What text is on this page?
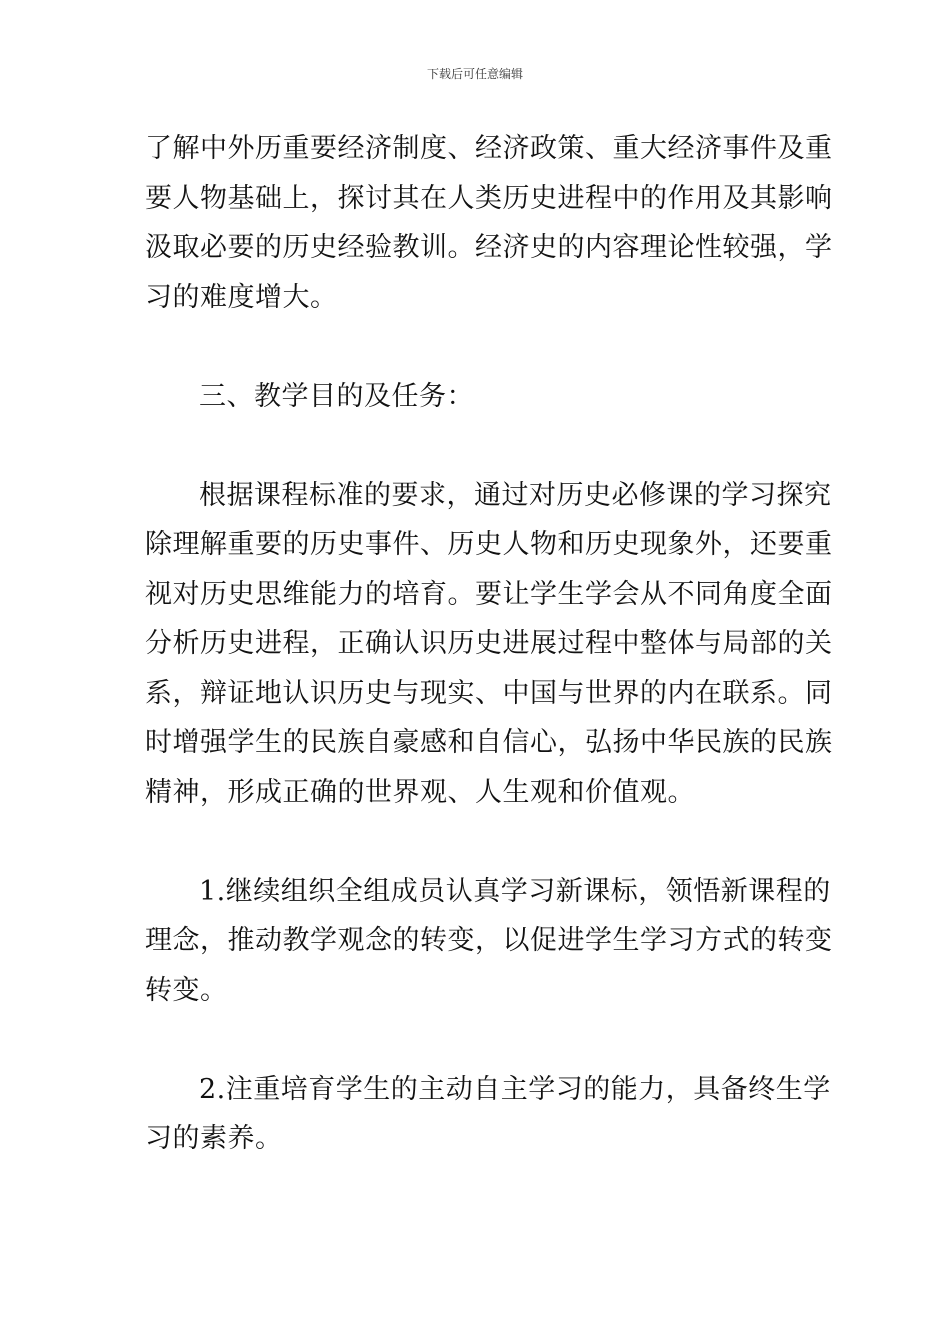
下载后可任意编辑

了解中外历重要经济制度、经济政策、重大经济事件及重
要人物基础上，探讨其在人类历史进程中的作用及其影响
汲取必要的历史经验教训。经济史的内容理论性较强，学
习的难度增大。

三、教学目的及任务：

根据课程标准的要求，通过对历史必修课的学习探究
除理解重要的历史事件、历史人物和历史现象外，还要重
视对历史思维能力的培育。要让学生学会从不同角度全面
分析历史进程，正确认识历史进展过程中整体与局部的关
系，辩证地认识历史与现实、中国与世界的内在联系。同
时增强学生的民族自豪感和自信心，弘扬中华民族的民族
精神，形成正确的世界观、人生观和价值观。

1.继续组织全组成员认真学习新课标，领悟新课程的
理念，推动教学观念的转变，以促进学生学习方式的转变
转变。

2.注重培育学生的主动自主学习的能力，具备终生学
习的素养。
